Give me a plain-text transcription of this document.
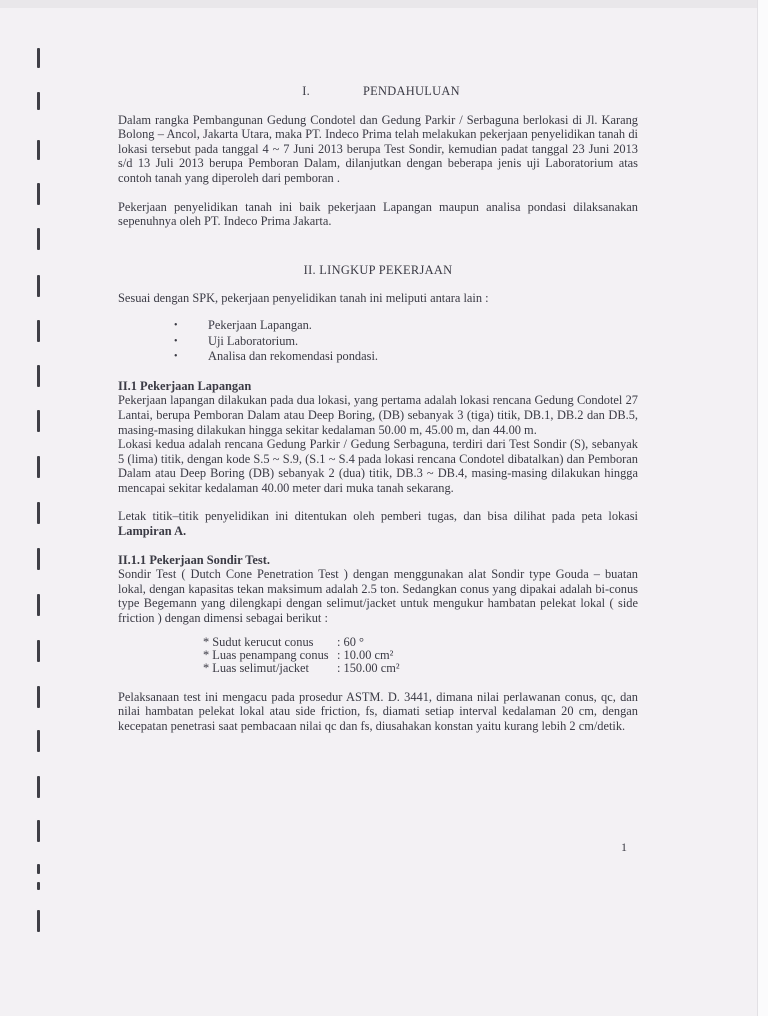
I.	PENDAHULUAN

Dalam rangka Pembangunan Gedung Condotel dan Gedung Parkir / Serbaguna berlokasi di Jl. Karang Bolong – Ancol, Jakarta Utara, maka PT. Indeco Prima telah melakukan pekerjaan penyelidikan tanah di lokasi tersebut pada tanggal 4 ~ 7 Juni 2013 berupa Test Sondir, kemudian padat tanggal 23 Juni 2013 s/d 13 Juli 2013 berupa Pemboran Dalam, dilanjutkan dengan beberapa jenis uji Laboratorium atas contoh tanah yang diperoleh dari pemboran .

Pekerjaan penyelidikan tanah ini baik pekerjaan Lapangan maupun analisa pondasi dilaksanakan sepenuhnya oleh PT. Indeco Prima Jakarta.

II. LINGKUP PEKERJAAN

Sesuai dengan SPK, pekerjaan penyelidikan tanah ini meliputi antara lain :

• Pekerjaan Lapangan.
• Uji Laboratorium.
• Analisa dan rekomendasi pondasi.

II.1 Pekerjaan Lapangan

Pekerjaan lapangan dilakukan pada dua lokasi, yang pertama adalah lokasi rencana Gedung Condotel 27 Lantai, berupa Pemboran Dalam atau Deep Boring, (DB) sebanyak 3 (tiga) titik, DB.1, DB.2 dan DB.5, masing-masing dilakukan hingga sekitar kedalaman 50.00 m, 45.00 m, dan 44.00 m.

Lokasi kedua adalah rencana Gedung Parkir / Gedung Serbaguna, terdiri dari Test Sondir (S), sebanyak 5 (lima) titik, dengan kode S.5 ~ S.9, (S.1 ~ S.4 pada lokasi rencana Condotel dibatalkan) dan Pemboran Dalam atau Deep Boring (DB) sebanyak 2 (dua) titik, DB.3 ~ DB.4, masing-masing dilakukan hingga mencapai sekitar kedalaman 40.00 meter dari muka tanah sekarang.

Letak titik–titik penyelidikan ini ditentukan oleh pemberi tugas, dan bisa dilihat pada peta lokasi Lampiran A.

II.1.1 Pekerjaan Sondir Test.

Sondir Test ( Dutch Cone Penetration Test ) dengan menggunakan alat Sondir type Gouda – buatan lokal, dengan kapasitas tekan maksimum adalah 2.5 ton. Sedangkan conus yang dipakai adalah bi-conus type Begemann yang dilengkapi dengan selimut/jacket untuk mengukur hambatan pelekat lokal ( side friction ) dengan dimensi sebagai berikut :

* Sudut kerucut conus	: 60 °
* Luas penampang conus : 10.00 cm²
* Luas selimut/jacket	: 150.00 cm²

Pelaksanaan test ini mengacu pada prosedur ASTM. D. 3441, dimana nilai perlawanan conus, qc, dan nilai hambatan pelekat lokal atau side friction, fs, diamati setiap interval kedalaman 20 cm, dengan kecepatan penetrasi saat pembacaan nilai qc dan fs, diusahakan konstan yaitu kurang lebih 2 cm/detik.

1
